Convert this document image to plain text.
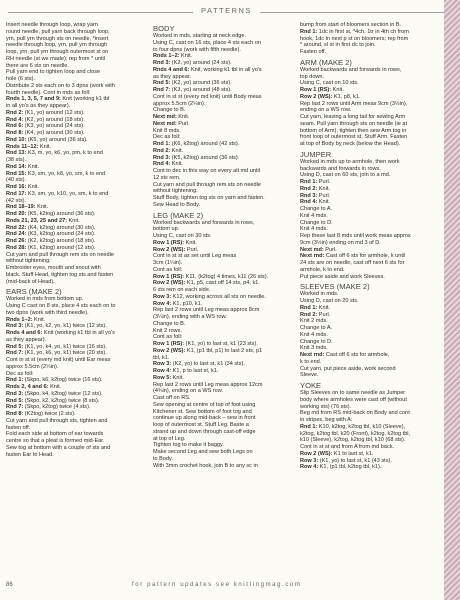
PATTERNS
Insert needle through loop, wrap yarn
round needle, pull yarn back through loop,
yrn, pull yrn through sts on needle, *insert
needle through loop, yrn, pull yrn through
loop, yrn, pull yrn through outermost st on
RH needle (st we made); rep from * until
there are 6 sts on needle.
Pull yarn end to tighten loop and close
hole (6 sts).
Distribute 2 sts each on to 3 dpns (work with
fourth needle). Cont in mds as foll:
Rnds 1, 3, 5, 7 and 9: Knit (working k1 tbl
in all yo's as they appear).
Rnd 2: (K1, yo) around (12 sts).
Rnd 4: (K2, yo) around (18 sts).
Rnd 6: (K3, yo) around (24 sts).
Rnd 8: (K4, yo) around (30 sts).
Rnd 10: (K5, yo) around (36 sts).
Rnds 11–12: Knit.
Rnd 13: K3, m, yo, k6, yo, pm, k to end
(38 sts).
Rnd 14: Knit.
Rnd 15: K3, sm, yo, k8, yo, sm, k to end
(40 sts).
Rnd 16: Knit.
Rnd 17: K3, sm, yo, k10, yo, sm, k to end
(42 sts).
Rnd 18–19: Knit.
Rnd 20: (K5, k2tog) around (36 sts).
Rnds 21, 23, 25 and 27: Knit.
Rnd 22: (K4, k2tog) around (30 sts).
Rnd 24: (K3, k2tog) around (24 sts).
Rnd 26: (K2, k2tog) around (18 sts).
Rnd 28: (K1, k2tog) around (12 sts).
Cut yarn and pull through rem sts on needle
without tightening.
Embroider eyes, mouth and snout with
black. Stuff Head, tighten tog sts and fasten
(mid-back of Head).
EARS (MAKE 2)
Worked in mds from bottom up.
Using C cast on 8 sts, place 4 sts each on to
two dpns (work with third needle).
Rnds 1–2: Knit.
Rnd 3: (K1, yo, k2, yo, k1) twice (12 sts).
Rnds 4 and 6: Knit (working k1 tbl in all yo's
as they appear).
Rnd 5: (K1, yo, k4, yo, k1) twice (16 sts).
Rnd 7: (K1, yo, k6, yo, k1) twice (20 sts).
Cont in st st (every md knit) until Ear meas
approx 5.5cm (2¼in).
Dec as foll:
Rnd 1: (Skpo, k6, k2tog) twice (16 sts).
Rnds 2, 4 and 6: Knit.
Rnd 3: (Skpo, k4, k2tog) twice (12 sts).
Rnd 5: (Skpo, k2, k2tog) twice (8 sts).
Rnd 7: (Skpo, k2tog) twice (4 sts).
Rnd 8: (K2tog) twice (2 sts).
Cut yarn and pull through sts, tighten and
fasten off.
Fold each side at bottom of ear towards
centre so that a pleat is formed mid-Ear.
Sew tog at bottom with a couple of sts and
fasten Ear to Head.
BODY
Worked in mds, starting at neck edge.
Using C, cast on 16 sts, place 4 sts each on
to four dpns (work with fifth needle).
Rnds 1–2: Knit.
Rnd 3: (K2, yo) around (24 sts).
Rnds 4 and 6: Knit, working k1 tbl in all yo's
as they appear.
Rnd 5: (K2, yo) around (36 sts).
Rnd 7: (K3, yo) around (48 sts).
Cont in st st (every md knit) until Body meas
approx 5.5cm (2¼in).
Change to B.
Next md: Knit.
Next md: Purl.
Knit 8 mds.
Dec as foll:
Rnd 1: (K6, k2tog) around (42 sts).
Rnd 2: Knit.
Rnd 3: (K5, k2tog) around (36 sts).
Rnd 4: Knit.
Cont to dec in this way on every alt md until
12 sts rem.
Cut yarn and pull through rem sts on needle
without tightening.
Stuff Body, tighten tog sts on yarn and fasten.
Sew Head to Body.
LEG (MAKE 2)
Worked backwards and forwards in rows,
bottom up.
Using C, cast on 30 sts.
Row 1 (RS): Knit.
Row 2 (WS): Purl.
Cont in st st as set until Leg meas
3cm (1¼in).
Cont as foll:
Row 1 (RS): K11, (k2tog) 4 times, k11 (26 sts).
Row 2 (WS): K1, p5, cast off 14 sts, p4, k1.
6 sts rem on each side.
Row 3: K12, working across all sts on needle.
Row 4: K1, p10, k1.
Rep last 2 rows until Leg meas approx 8cm
(3¼in), ending with a WS row.
Change to B.
Knit 2 rows.
Cont as foll:
Row 1 (RS): (K1, yo) to last st, k1 (23 sts).
Row 2 (WS): K1, (p1 tbl, p1) to last 2 sts, p1
tbl, k1.
Row 3: (K2, yo) to last st, k1 (34 sts).
Row 4: K1, p to last st, k1.
Row 5: Knit.
Rep last 2 rows until Leg meas approx 12cm
(4¾in), ending on a WS row.
Cast off on RS.
Sew opening at centre of top of foot using
Kitchener st. Sew bottom of foot tog and
continue up along mid-back – sew in front
loop of outermost st. Stuff Leg. Baste a
strand up and down through cast-off edge
at top of Leg.
Tighten tog to make it baggy.
Make second Leg and sew both Legs on
to Body.
With 3mm crochet hook, join B to any sc in
bump from start of bloomers section in B.
Rnd 1: 1dc in first st, *4ch, 1tr in 4th ch from
hook, 1dc in next p st on bloomers; rep from
* around, sl st in first dc to join.
Fasten off.
ARM (MAKE 2)
Worked backwards and forwards in rows,
top down.
Using C, cast on 10 sts.
Row 1 (RS): Knit.
Row 2 (WS): K1, p8, k1.
Rep last 2 rows until Arm meas 9cm (3½in),
ending on a WS row.
Cut yarn, leaving a long tail for sewing Arm
seam. Pull yarn through sts on needle (ie at
bottom of Arm), tighten then sew Arm tog in
front loop of outermost st. Stuff Arm. Fasten
at top of Body by neck (below the Head).
JUMPER
Worked in mds up to armhole, then work
backwards and forwards in rows.
Using D, cast on 60 sts, join to a md.
Rnd 1: Purl.
Rnd 2: Knit.
Rnd 3: Purl.
Rnd 4: Knit.
Change to A.
Knit 4 mds.
Change to D.
Knit 4 mds.
Rep these last 8 mds until work meas approx
9cm (3½in) ending on md 3 of D.
Next md: Purl.
Next rnd: Cast off 6 sts for armhole, k until
24 sts are on needle, cast off next 6 sts for
armhole, k to end.
Put piece aside and work Sleeves.
SLEEVES (MAKE 2)
Worked in mds.
Using D, cast on 20 sts.
Rnd 1: Knit.
Rnd 2: Purl.
Knit 2 mds.
Change to A.
Knit 4 mds.
Change to D.
Knit 3 mds.
Next rnd: Cast off 6 sts for armhole,
k to end.
Cut yarn, put piece aside, work second
Sleeve.
YOKE
Slip Sleeves on to same needle as Jumper
body where armholes were cast off (without
working sts) (76 sts).
Beg md from RS mid-back on Body and cont
in stripes, beg with A:
Rnd 1: K10, k2tog, k2tog tbl, k10 (Sleeve),
k2tog, k2tog tbl, k20 (Front), k2tog, k2tog tbl,
k10 (Sleeve), k2tog, k2tog tbl, k10 (68 sts).
Cont in st st and from A from md back.
Row 2 (WS): K1 to last st, k1.
Row 3: (K1, yo) to last st, k1 (43 sts).
Row 4: K1, (p1 tbl, k2tog tbl, k1).
86	for pattern updates see knittingmag.com
